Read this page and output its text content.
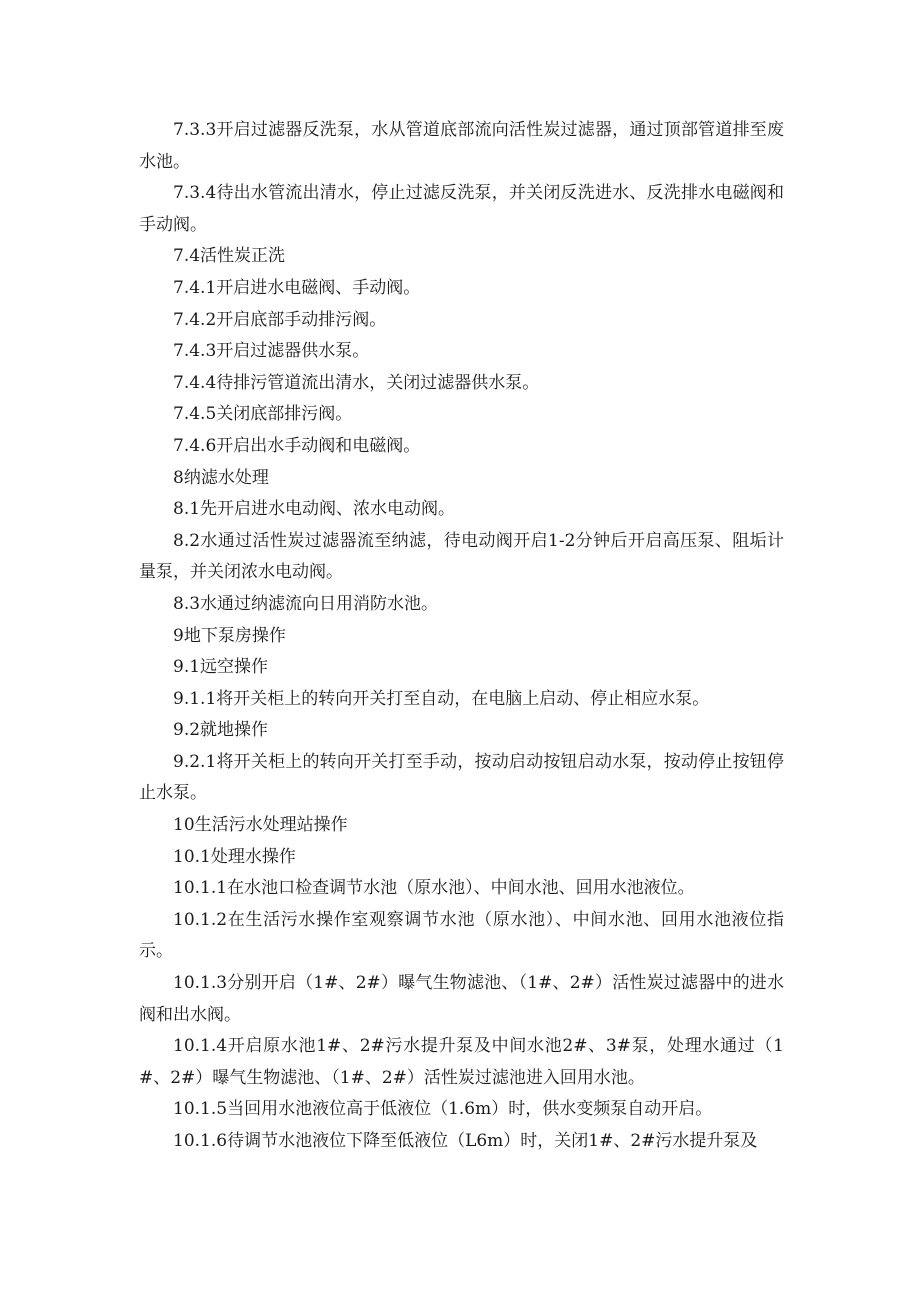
7.3.3开启过滤器反洗泵，水从管道底部流向活性炭过滤器，通过顶部管道排至废水池。

7.3.4待出水管流出清水，停止过滤反洗泵，并关闭反洗进水、反洗排水电磁阀和手动阀。

7.4活性炭正洗

7.4.1开启进水电磁阀、手动阀。

7.4.2开启底部手动排污阀。

7.4.3开启过滤器供水泵。

7.4.4待排污管道流出清水，关闭过滤器供水泵。

7.4.5关闭底部排污阀。

7.4.6开启出水手动阀和电磁阀。

8纳滤水处理

8.1先开启进水电动阀、浓水电动阀。

8.2水通过活性炭过滤器流至纳滤，待电动阀开启1-2分钟后开启高压泵、阻垢计量泵，并关闭浓水电动阀。

8.3水通过纳滤流向日用消防水池。

9地下泵房操作

9.1远空操作

9.1.1将开关柜上的转向开关打至自动，在电脑上启动、停止相应水泵。

9.2就地操作

9.2.1将开关柜上的转向开关打至手动，按动启动按钮启动水泵，按动停止按钮停止水泵。

10生活污水处理站操作

10.1处理水操作

10.1.1在水池口检查调节水池（原水池）、中间水池、回用水池液位。

10.1.2在生活污水操作室观察调节水池（原水池）、中间水池、回用水池液位指示。

10.1.3分别开启（1#、2#）曝气生物滤池、（1#、2#）活性炭过滤器中的进水阀和出水阀。

10.1.4开启原水池1#、2#污水提升泵及中间水池2#、3#泵，处理水通过（1#、2#）曝气生物滤池、（1#、2#）活性炭过滤池进入回用水池。

10.1.5当回用水池液位高于低液位（1.6m）时，供水变频泵自动开启。

10.1.6待调节水池液位下降至低液位（L6m）时，关闭1#、2#污水提升泵及
